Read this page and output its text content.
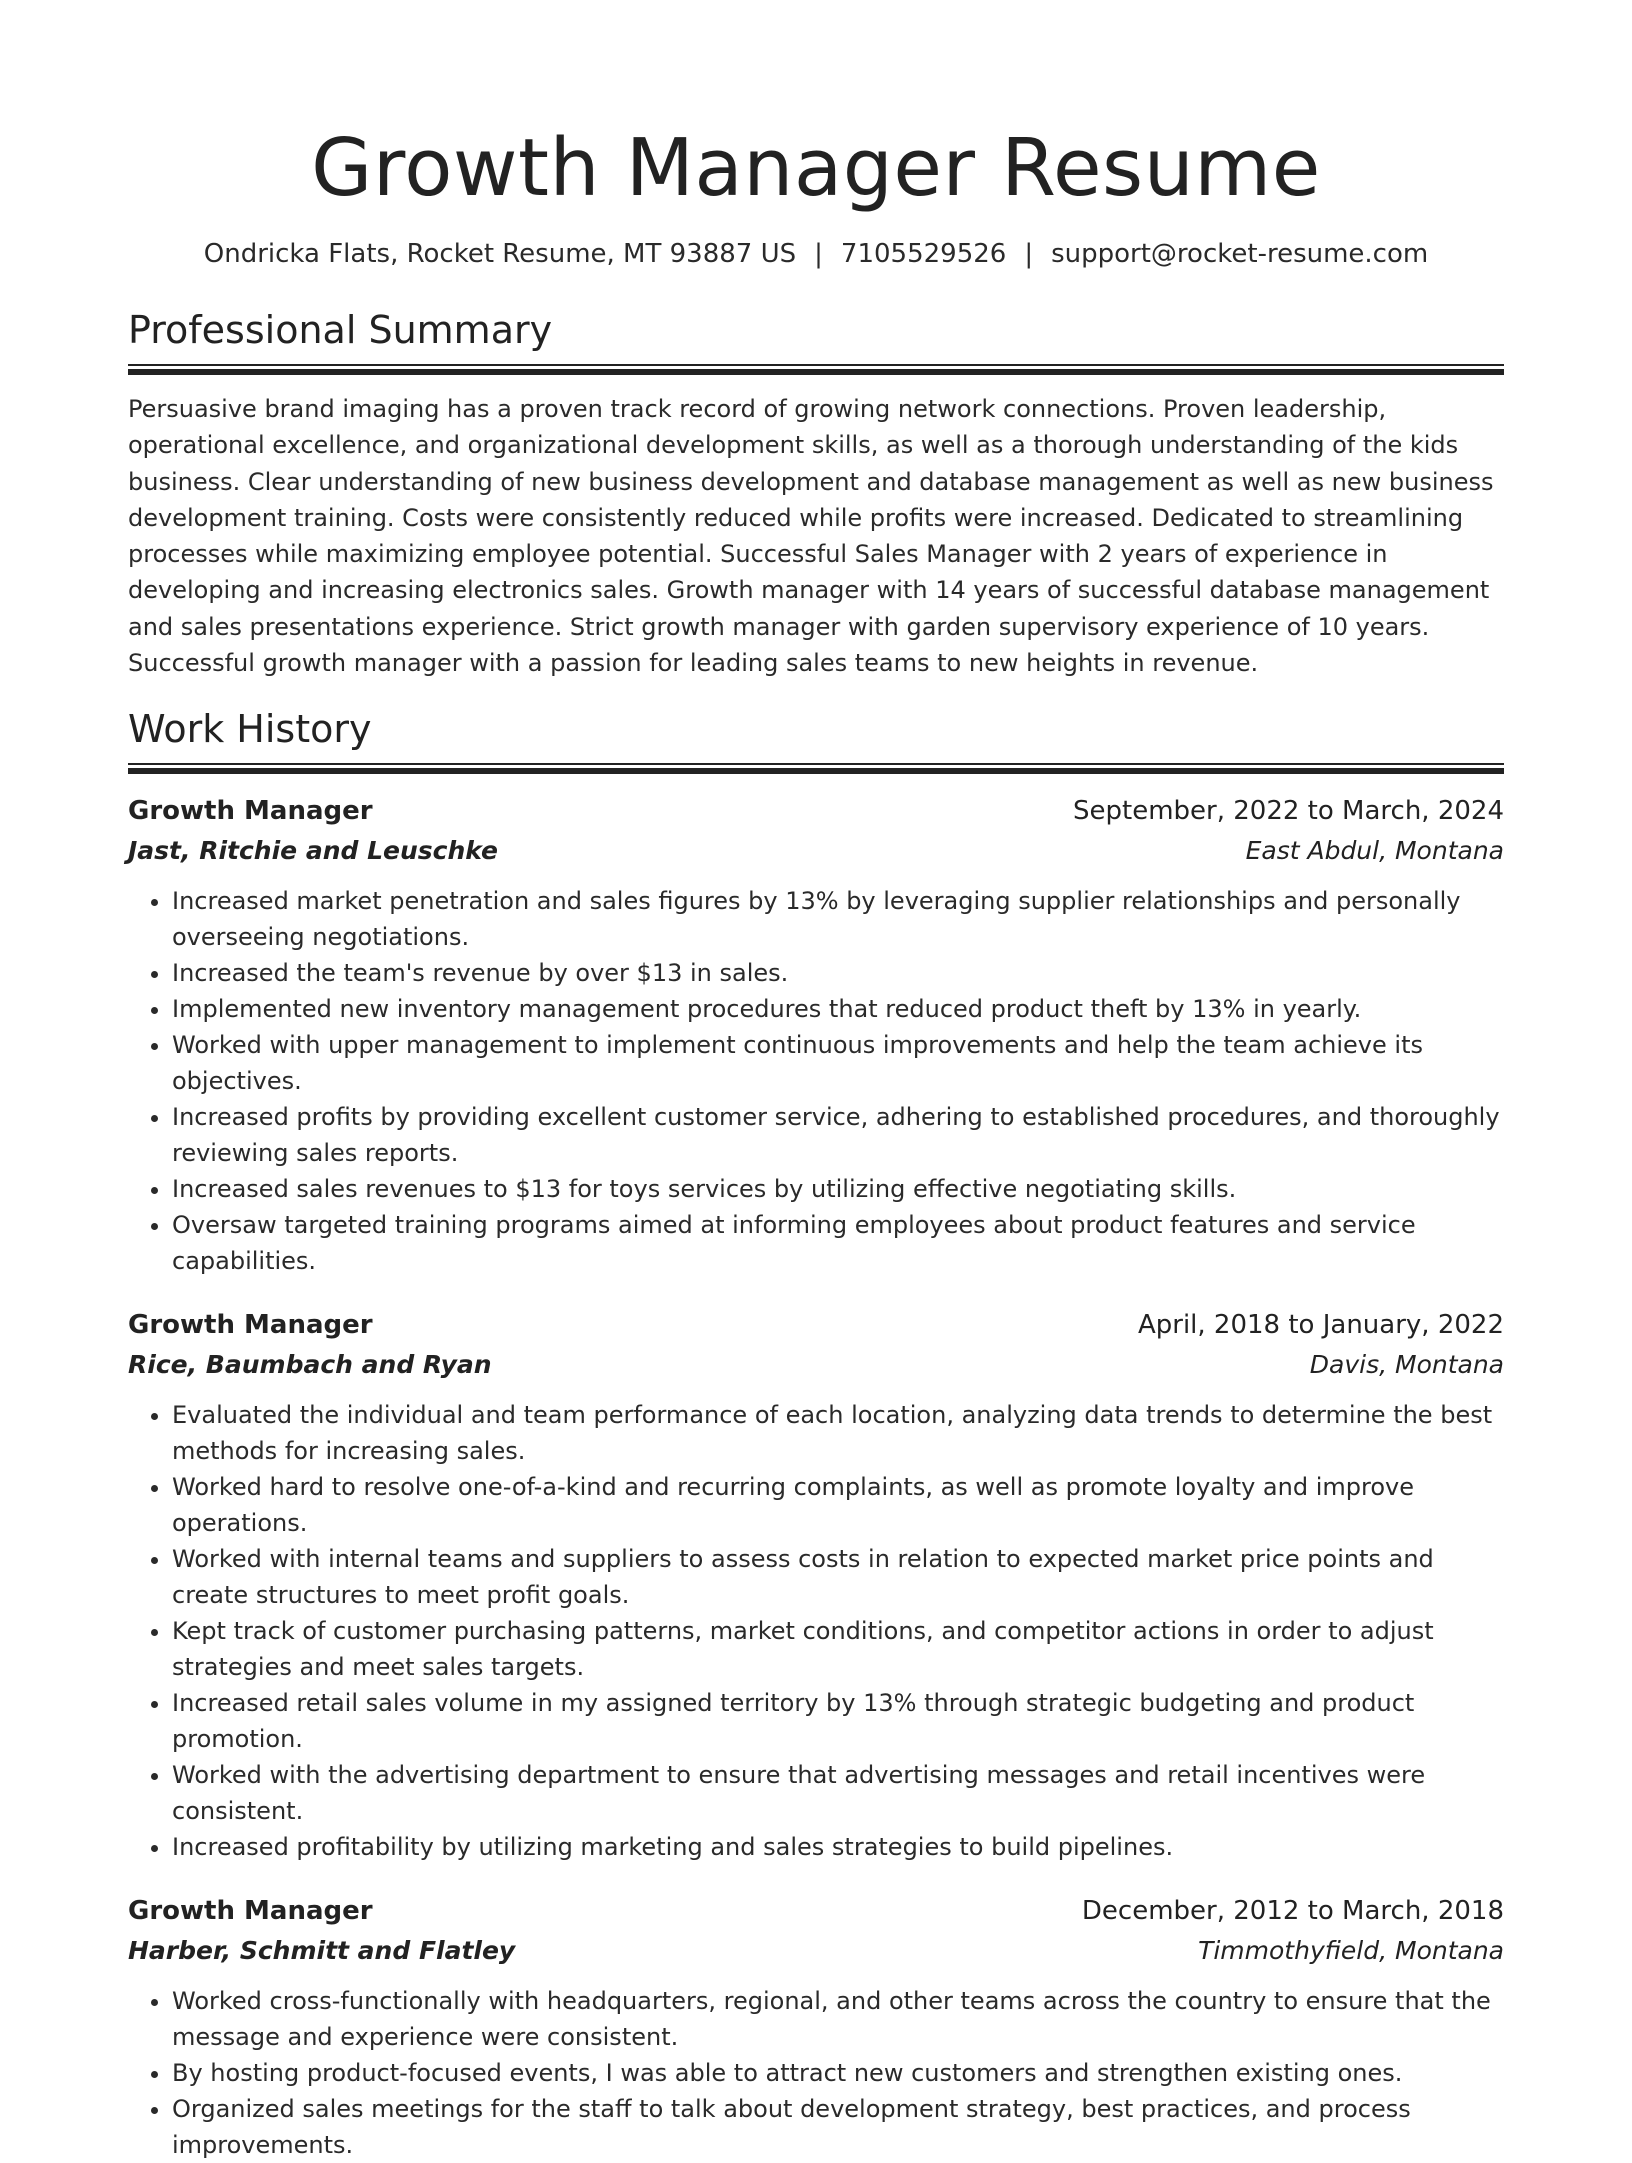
Growth Manager Resume
Ondricka Flats, Rocket Resume, MT 93887 US | 7105529526 | support@rocket-resume.com
Professional Summary

Persuasive brand imaging has a proven track record of growing network connections. Proven leadership, operational excellence, and organizational development skills, as well as a thorough understanding of the kids business. Clear understanding of new business development and database management as well as new business development training. Costs were consistently reduced while profits were increased. Dedicated to streamlining processes while maximizing employee potential. Successful Sales Manager with 2 years of experience in developing and increasing electronics sales. Growth manager with 14 years of successful database management and sales presentations experience. Strict growth manager with garden supervisory experience of 10 years. Successful growth manager with a passion for leading sales teams to new heights in revenue.

Work History
Growth Manager	September, 2022 to March, 2024
Jast, Ritchie and Leuschke	East Abdul, Montana
• Increased market penetration and sales figures by 13% by leveraging supplier relationships and personally overseeing negotiations.
• Increased the team's revenue by over $13 in sales.
• Implemented new inventory management procedures that reduced product theft by 13% in yearly.
• Worked with upper management to implement continuous improvements and help the team achieve its objectives.
• Increased profits by providing excellent customer service, adhering to established procedures, and thoroughly reviewing sales reports.
• Increased sales revenues to $13 for toys services by utilizing effective negotiating skills.
• Oversaw targeted training programs aimed at informing employees about product features and service capabilities.
Growth Manager	April, 2018 to January, 2022
Rice, Baumbach and Ryan	Davis, Montana
• Evaluated the individual and team performance of each location, analyzing data trends to determine the best methods for increasing sales.
• Worked hard to resolve one-of-a-kind and recurring complaints, as well as promote loyalty and improve operations.
• Worked with internal teams and suppliers to assess costs in relation to expected market price points and create structures to meet profit goals.
• Kept track of customer purchasing patterns, market conditions, and competitor actions in order to adjust strategies and meet sales targets.
• Increased retail sales volume in my assigned territory by 13% through strategic budgeting and product promotion.
• Worked with the advertising department to ensure that advertising messages and retail incentives were consistent.
• Increased profitability by utilizing marketing and sales strategies to build pipelines.
Growth Manager	December, 2012 to March, 2018
Harber, Schmitt and Flatley	Timmothyfield, Montana
• Worked cross-functionally with headquarters, regional, and other teams across the country to ensure that the message and experience were consistent.
• By hosting product-focused events, I was able to attract new customers and strengthen existing ones.
• Organized sales meetings for the staff to talk about development strategy, best practices, and process improvements.
